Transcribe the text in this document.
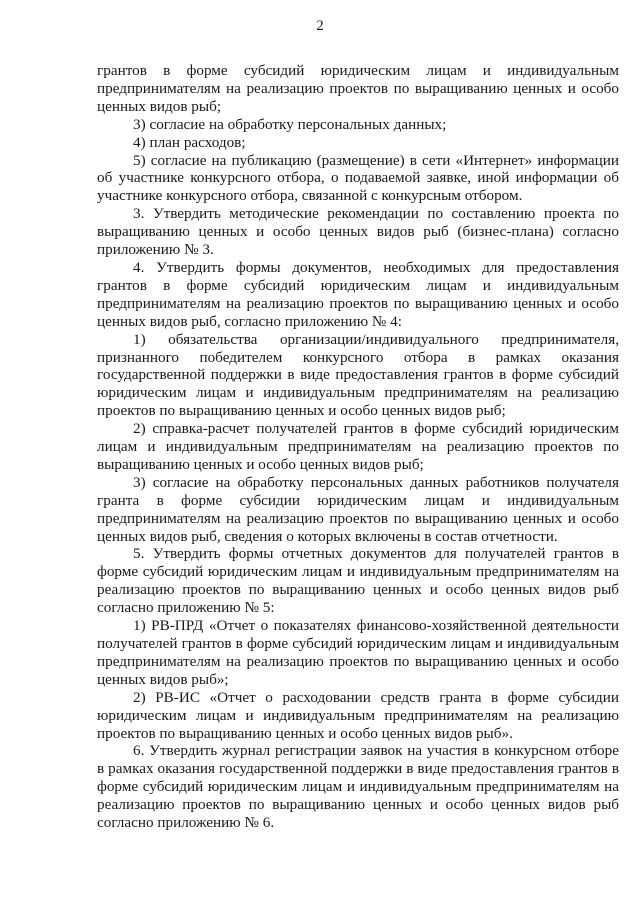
2

грантов в форме субсидий юридическим лицам и индивидуальным предпринимателям на реализацию проектов по выращиванию ценных и особо ценных видов рыб;

3) согласие на обработку персональных данных;

4) план расходов;

5) согласие на публикацию (размещение) в сети «Интернет» информации об участнике конкурсного отбора, о подаваемой заявке, иной информации об участнике конкурсного отбора, связанной с конкурсным отбором.

3. Утвердить методические рекомендации по составлению проекта по выращиванию ценных и особо ценных видов рыб (бизнес-плана) согласно приложению № 3.

4. Утвердить формы документов, необходимых для предоставления грантов в форме субсидий юридическим лицам и индивидуальным предпринимателям на реализацию проектов по выращиванию ценных и особо ценных видов рыб, согласно приложению № 4:

1) обязательства организации/индивидуального предпринимателя, признанного победителем конкурсного отбора в рамках оказания государственной поддержки в виде предоставления грантов в форме субсидий юридическим лицам и индивидуальным предпринимателям на реализацию проектов по выращиванию ценных и особо ценных видов рыб;

2) справка-расчет получателей грантов в форме субсидий юридическим лицам и индивидуальным предпринимателям на реализацию проектов по выращиванию ценных и особо ценных видов рыб;

3) согласие на обработку персональных данных работников получателя гранта в форме субсидии юридическим лицам и индивидуальным предпринимателям на реализацию проектов по выращиванию ценных и особо ценных видов рыб, сведения о которых включены в состав отчетности.

5. Утвердить формы отчетных документов для получателей грантов в форме субсидий юридическим лицам и индивидуальным предпринимателям на реализацию проектов по выращиванию ценных и особо ценных видов рыб согласно приложению № 5:

1) РВ-ПРД «Отчет о показателях финансово-хозяйственной деятельности получателей грантов в форме субсидий юридическим лицам и индивидуальным предпринимателям на реализацию проектов по выращиванию ценных и особо ценных видов рыб»;

2) РВ-ИС «Отчет о расходовании средств гранта в форме субсидии юридическим лицам и индивидуальным предпринимателям на реализацию проектов по выращиванию ценных и особо ценных видов рыб».

6. Утвердить журнал регистрации заявок на участия в конкурсном отборе в рамках оказания государственной поддержки в виде предоставления грантов в форме субсидий юридическим лицам и индивидуальным предпринимателям на реализацию проектов по выращиванию ценных и особо ценных видов рыб согласно приложению № 6.
